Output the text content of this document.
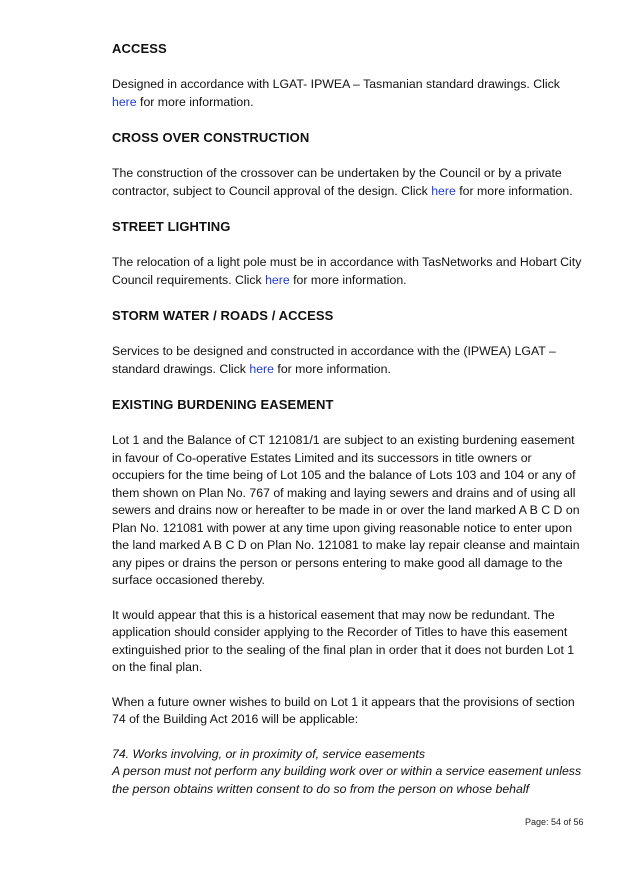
ACCESS

Designed in accordance with LGAT- IPWEA – Tasmanian standard drawings. Click here for more information.

CROSS OVER CONSTRUCTION

The construction of the crossover can be undertaken by the Council or by a private contractor, subject to Council approval of the design. Click here for more information.

STREET LIGHTING

The relocation of a light pole must be in accordance with TasNetworks and Hobart City Council requirements. Click here for more information.

STORM WATER / ROADS / ACCESS

Services to be designed and constructed in accordance with the (IPWEA) LGAT – standard drawings. Click here for more information.

EXISTING BURDENING EASEMENT

Lot 1 and the Balance of CT 121081/1 are subject to an existing burdening easement in favour of Co-operative Estates Limited and its successors in title owners or occupiers for the time being of Lot 105 and the balance of Lots 103 and 104 or any of them shown on Plan No. 767 of making and laying sewers and drains and of using all sewers and drains now or hereafter to be made in or over the land marked A B C D on Plan No. 121081 with power at any time upon giving reasonable notice to enter upon the land marked A B C D on Plan No. 121081 to make lay repair cleanse and maintain any pipes or drains the person or persons entering to make good all damage to the surface occasioned thereby.

It would appear that this is a historical easement that may now be redundant. The application should consider applying to the Recorder of Titles to have this easement extinguished prior to the sealing of the final plan in order that it does not burden Lot 1 on the final plan.

When a future owner wishes to build on Lot 1 it appears that the provisions of section 74 of the Building Act 2016 will be applicable:

74. Works involving, or in proximity of, service easements
A person must not perform any building work over or within a service easement unless the person obtains written consent to do so from the person on whose behalf

Page: 54 of 56
